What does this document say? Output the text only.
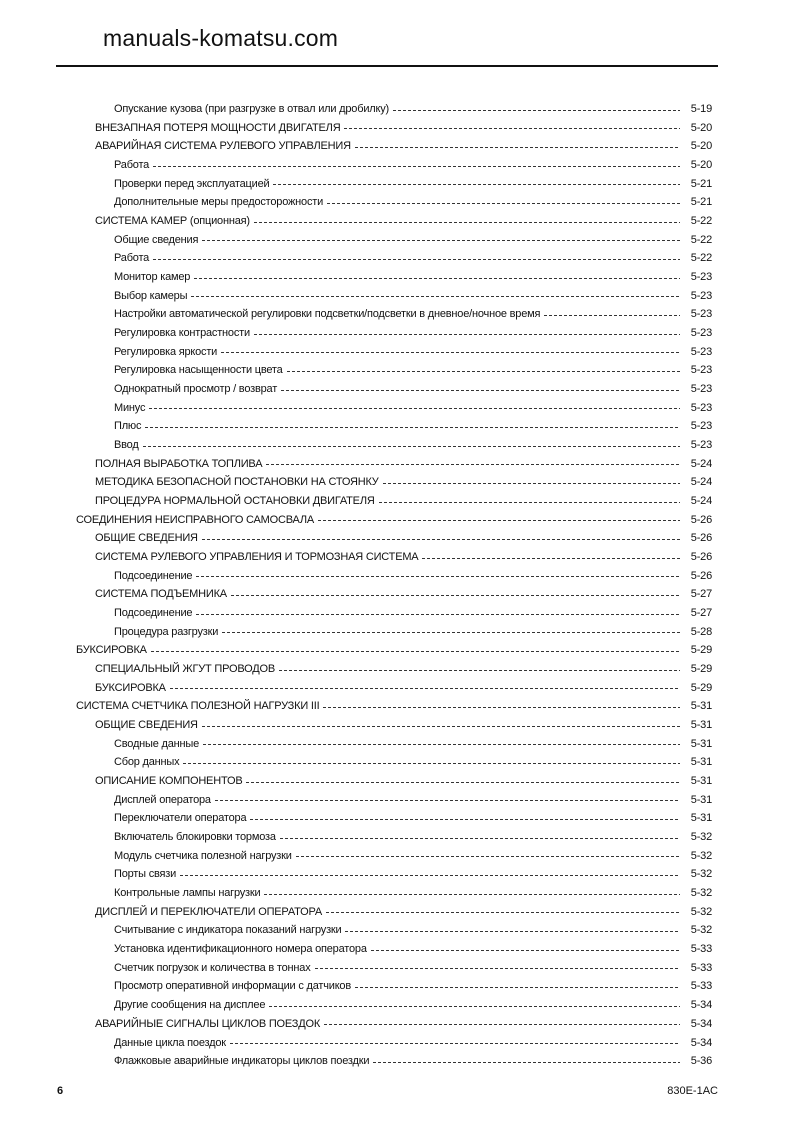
manuals-komatsu.com
Опускание кузова (при разгрузке в отвал или дробилку)	5-19
ВНЕЗАПНАЯ ПОТЕРЯ МОЩНОСТИ ДВИГАТЕЛЯ	5-20
АВАРИЙНАЯ СИСТЕМА РУЛЕВОГО УПРАВЛЕНИЯ	5-20
Работа	5-20
Проверки перед эксплуатацией	5-21
Дополнительные меры предосторожности	5-21
СИСТЕМА КАМЕР (опционная)	5-22
Общие сведения	5-22
Работа	5-22
Монитор камер	5-23
Выбор камеры	5-23
Настройки автоматической регулировки подсветки/подсветки в дневное/ночное время	5-23
Регулировка контрастности	5-23
Регулировка яркости	5-23
Регулировка насыщенности цвета	5-23
Однократный просмотр / возврат	5-23
Минус	5-23
Плюс	5-23
Ввод	5-23
ПОЛНАЯ ВЫРАБОТКА ТОПЛИВА	5-24
МЕТОДИКА БЕЗОПАСНОЙ ПОСТАНОВКИ НА СТОЯНКУ	5-24
ПРОЦЕДУРА НОРМАЛЬНОЙ ОСТАНОВКИ ДВИГАТЕЛЯ	5-24
СОЕДИНЕНИЯ НЕИСПРАВНОГО САМОСВАЛА	5-26
ОБЩИЕ СВЕДЕНИЯ	5-26
СИСТЕМА РУЛЕВОГО УПРАВЛЕНИЯ И ТОРМОЗНАЯ СИСТЕМА	5-26
Подсоединение	5-26
СИСТЕМА ПОДЪЕМНИКА	5-27
Подсоединение	5-27
Процедура разгрузки	5-28
БУКСИРОВКА	5-29
СПЕЦИАЛЬНЫЙ ЖГУТ ПРОВОДОВ	5-29
БУКСИРОВКА	5-29
СИСТЕМА СЧЕТЧИКА ПОЛЕЗНОЙ НАГРУЗКИ III	5-31
ОБЩИЕ СВЕДЕНИЯ	5-31
Сводные данные	5-31
Сбор данных	5-31
ОПИСАНИЕ КОМПОНЕНТОВ	5-31
Дисплей оператора	5-31
Переключатели оператора	5-31
Включатель блокировки тормоза	5-32
Модуль счетчика полезной нагрузки	5-32
Порты связи	5-32
Контрольные лампы нагрузки	5-32
ДИСПЛЕЙ И ПЕРЕКЛЮЧАТЕЛИ ОПЕРАТОРА	5-32
Считывание с индикатора показаний нагрузки	5-32
Установка идентификационного номера оператора	5-33
Счетчик погрузок и количества в тоннах	5-33
Просмотр оперативной информации с датчиков	5-33
Другие сообщения на дисплее	5-34
АВАРИЙНЫЕ СИГНАЛЫ ЦИКЛОВ ПОЕЗДОК	5-34
Данные цикла поездок	5-34
Флажковые аварийные индикаторы циклов поездки	5-36
6	830E-1AC
